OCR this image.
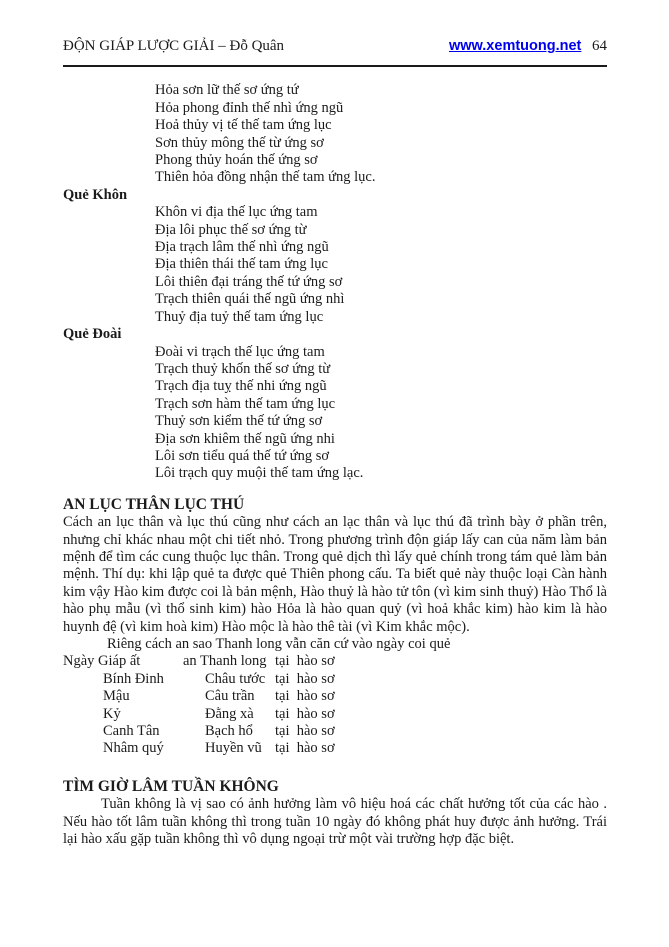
ĐỘN GIÁP LƯỢC GIẢI – Đỗ Quân	www.xemtuong.net 64
Hỏa sơn lữ thế sơ ứng tứ
Hỏa phong đỉnh thế nhì ứng ngũ
Hoả thủy vị tế thế tam ứng lục
Sơn thủy mông thế từ ứng sơ
Phong thủy hoán thế ứng sơ
Thiên hỏa đồng nhận thế tam ứng lục.
Quẻ Khôn
Khôn vi địa thế lục ứng tam
Địa lôi phục thế sơ ứng từ
Địa trạch lâm thế nhì ứng ngũ
Địa thiên thái thế tam ứng lục
Lôi thiên đại tráng thế tứ ứng sơ
Trạch thiên quái thế ngũ ứng nhì
Thuỷ địa tuỷ thế tam ứng lục
Quẻ Đoài
Đoài vi trạch thế lục ứng tam
Trạch thuỷ khốn thế sơ ứng từ
Trạch địa tuỵ thế nhi ứng ngũ
Trạch sơn hàm thế tam ứng lục
Thuỷ sơn kiểm thế tứ ứng sơ
Địa sơn khiêm thế ngũ ứng nhi
Lôi sơn tiểu quá thế tứ ứng sơ
Lôi trạch quy muội thế tam ứng lạc.
AN LỤC THÂN LỤC THÚ

Cách an lục thân và lục thú cũng như cách an lạc thân và lục thú đã trình bày ở phần trên, nhưng chỉ khác nhau một chi tiết nhỏ. Trong phương trình độn giáp lấy can của năm làm bản mệnh để tìm các cung thuộc lục thân. Trong quẻ dịch thì lấy quẻ chính trong tám quẻ làm bản mệnh. Thí dụ: khi lập quẻ ta được quẻ Thiên phong cấu. Ta biết quẻ này thuộc loại Càn hành kim vậy Hào kim được coi là bản mệnh, Hào thuỷ là hào tử tôn (vì kim sinh thuỷ) Hào Thổ là hào phụ mẫu (vì thổ sinh kim) hào Hỏa là hào quan quỷ (vì hoả khắc kim) hào kim là hào huynh đệ (vì kim hoà kim) Hào mộc là hào thê tài (vì Kim khắc mộc).

Riêng cách an sao Thanh long vẫn căn cứ vào ngày coi quẻ
Ngày Giáp ất	an Thanh long tại  hào sơ
Bính Đinh	Châu tước tại  hào sơ
Mậu	Câu trần	tại  hào sơ
Kỷ	Đằng xà	tại  hào sơ
Canh Tân	Bạch hổ	tại  hào sơ
Nhâm quý	Huyền vũ tại  hào sơ
TÌM GIỜ LÂM TUẦN KHÔNG

Tuần không là vị sao có ảnh hưởng làm vô hiệu hoá các chất hưởng tốt của các hào . Nếu hào tốt lâm tuần không thì trong tuần 10 ngày đó không phát huy được ảnh hưởng. Trái lại hào xấu gặp tuần không thì vô dụng ngoại trừ một vài trường hợp đặc biệt.
